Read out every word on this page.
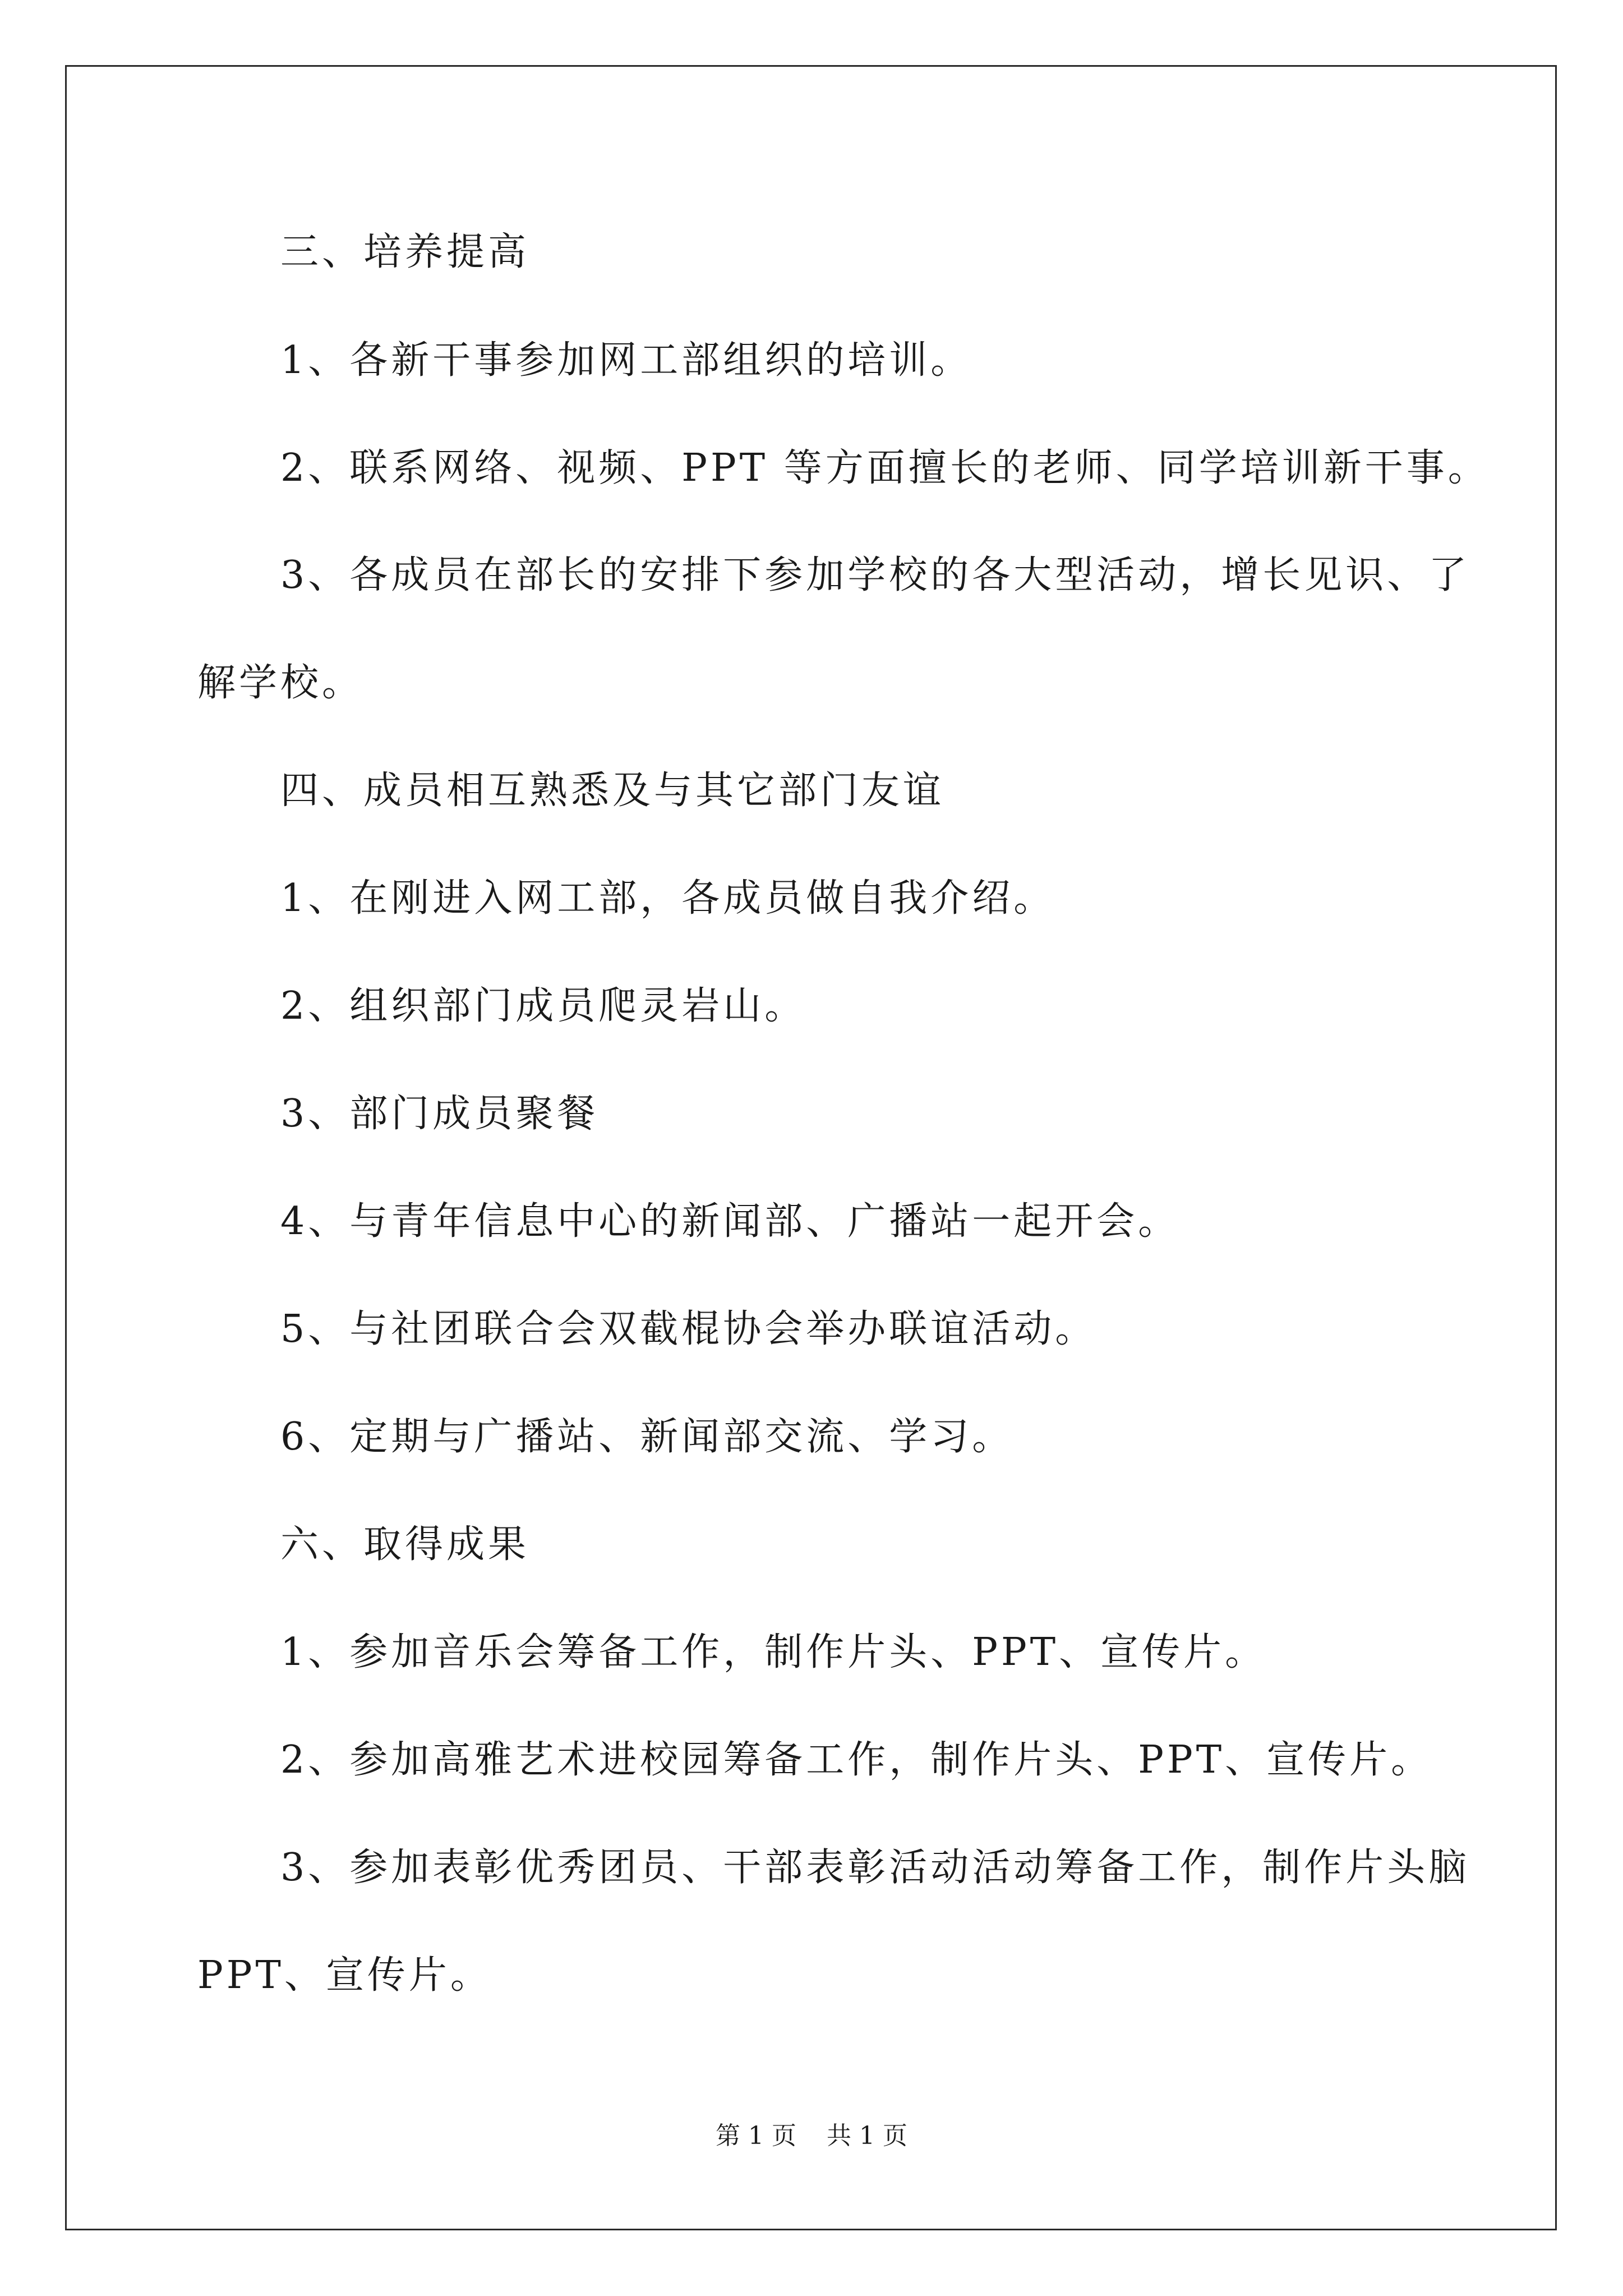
三、培养提高
1、各新干事参加网工部组织的培训。
2、联系网络、视频、PPT 等方面擅长的老师、同学培训新干事。
3、各成员在部长的安排下参加学校的各大型活动，增长见识、了
解学校。
四、成员相互熟悉及与其它部门友谊
1、在刚进入网工部，各成员做自我介绍。
2、组织部门成员爬灵岩山。
3、部门成员聚餐
4、与青年信息中心的新闻部、广播站一起开会。
5、与社团联合会双截棍协会举办联谊活动。
6、定期与广播站、新闻部交流、学习。
六、取得成果
1、参加音乐会筹备工作，制作片头、PPT、宣传片。
2、参加高雅艺术进校园筹备工作，制作片头、PPT、宣传片。
3、参加表彰优秀团员、干部表彰活动活动筹备工作，制作片头脑
PPT、宣传片。
第 1 页 共 1 页
